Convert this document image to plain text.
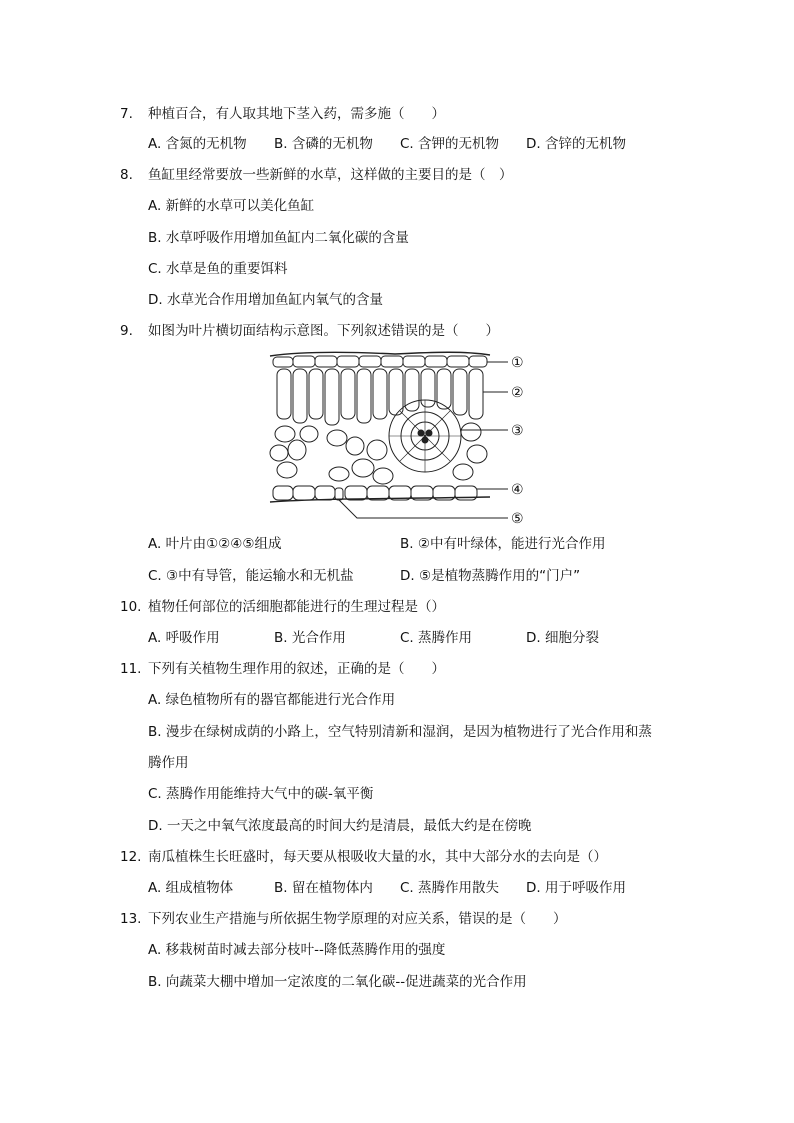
7. 种植百合，有人取其地下茎入药，需多施（　　）
A. 含氮的无机物 B. 含磷的无机物 C. 含钾的无机物 D. 含锌的无机物
8. 鱼缸里经常要放一些新鲜的水草，这样做的主要目的是（　）
A. 新鲜的水草可以美化鱼缸
B. 水草呼吸作用增加鱼缸内二氧化碳的含量
C. 水草是鱼的重要饵料
D. 水草光合作用增加鱼缸内氧气的含量
9. 如图为叶片横切面结构示意图。下列叙述错误的是（　　）
①
②
③
④
⑤
A. 叶片由①②④⑤组成	B. ②中有叶绿体，能进行光合作用
C. ③中有导管，能运输水和无机盐	D. ⑤是植物蒸腾作用的“门户”
10. 植物任何部位的活细胞都能进行的生理过程是（）
A. 呼吸作用	B. 光合作用	C. 蒸腾作用	D. 细胞分裂
11. 下列有关植物生理作用的叙述，正确的是（　　）
A. 绿色植物所有的器官都能进行光合作用
B. 漫步在绿树成荫的小路上，空气特别清新和湿润，是因为植物进行了光合作用和蒸
腾作用
C. 蒸腾作用能维持大气中的碳-氧平衡
D. 一天之中氧气浓度最高的时间大约是清晨，最低大约是在傍晚
12. 南瓜植株生长旺盛时，每天要从根吸收大量的水，其中大部分水的去向是（）
A. 组成植物体	B. 留在植物体内 C. 蒸腾作用散失 D. 用于呼吸作用
13. 下列农业生产措施与所依据生物学原理的对应关系，错误的是（　　）
A. 移栽树苗时减去部分枝叶--降低蒸腾作用的强度
B. 向蔬菜大棚中增加一定浓度的二氧化碳--促进蔬菜的光合作用
